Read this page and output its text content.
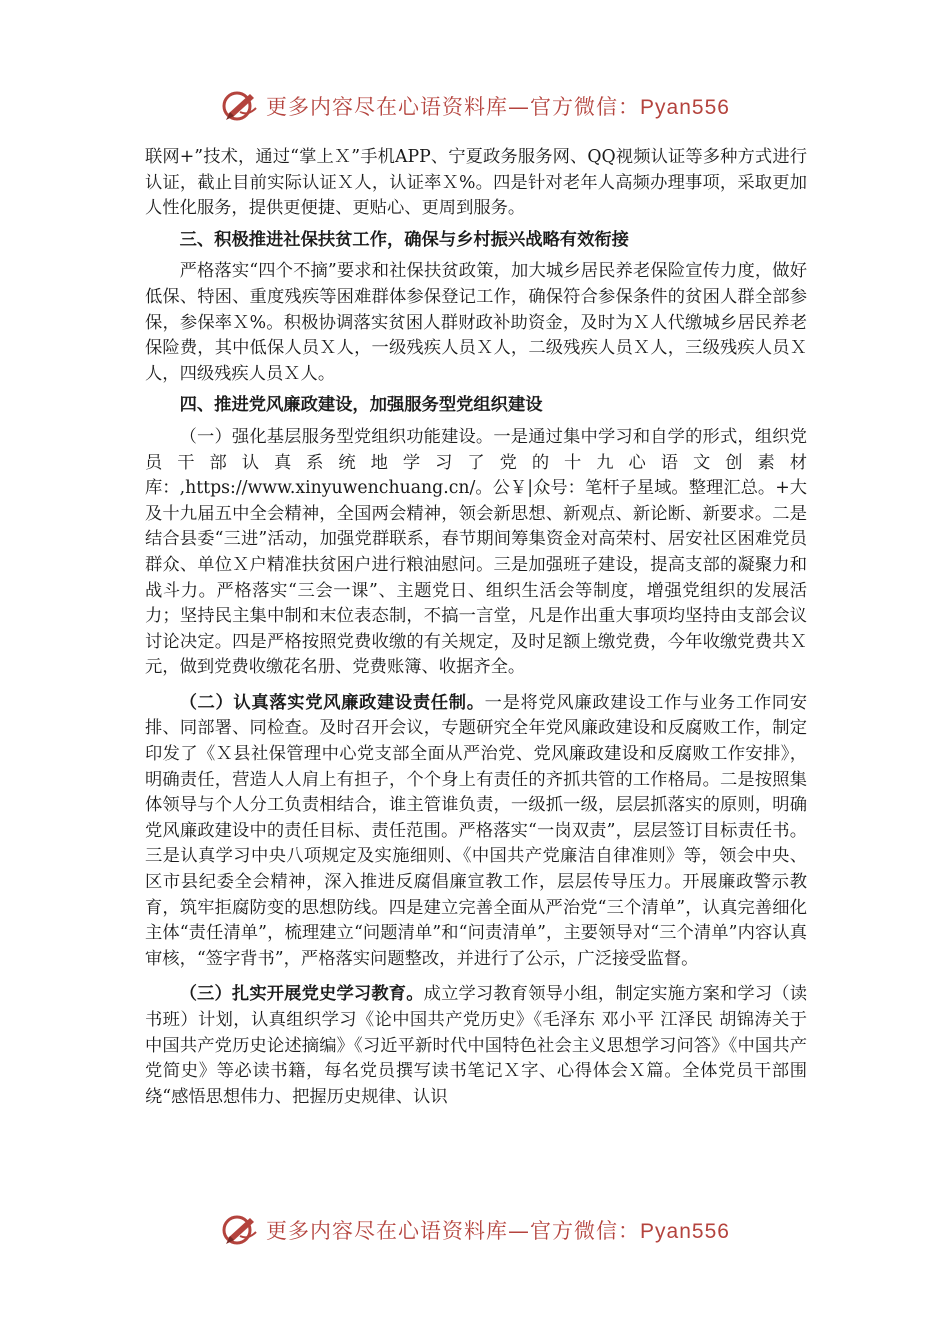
更多内容尽在心语资料库—官方微信：Pyan556

联网+”技术，通过“掌上Ｘ”手机APP、宁夏政务服务网、QQ视频认证等多种方式进行认证，截止目前实际认证Ｘ人，认证率Ｘ%。四是针对老年人高频办理事项，采取更加人性化服务，提供更便捷、更贴心、更周到服务。

三、积极推进社保扶贫工作，确保与乡村振兴战略有效衔接

严格落实“四个不摘”要求和社保扶贫政策，加大城乡居民养老保险宣传力度，做好低保、特困、重度残疾等困难群体参保登记工作，确保符合参保条件的贫困人群全部参保，参保率Ｘ%。积极协调落实贫困人群财政补助资金，及时为Ｘ人代缴城乡居民养老保险费，其中低保人员Ｘ人，一级残疾人员Ｘ人，二级残疾人员Ｘ人，三级残疾人员Ｘ人，四级残疾人员Ｘ人。

四、推进党风廉政建设，加强服务型党组织建设

（一）强化基层服务型党组织功能建设。一是通过集中学习和自学的形式，组织党员干部认真系统地学习了党的十九心语文创素材库：,https://www.xinyuwenchuang.cn/。公￥|众号：笔杆子星域。整理汇总。+大及十九届五中全会精神，全国两会精神，领会新思想、新观点、新论断、新要求。二是结合县委“三进”活动，加强党群联系，春节期间筹集资金对高荣村、居安社区困难党员群众、单位Ｘ户精准扶贫困户进行粮油慰问。三是加强班子建设，提高支部的凝聚力和战斗力。严格落实“三会一课”、主题党日、组织生活会等制度，增强党组织的发展活力；坚持民主集中制和末位表态制，不搞一言堂，凡是作出重大事项均坚持由支部会议讨论决定。四是严格按照党费收缴的有关规定，及时足额上缴党费，今年收缴党费共Ｘ元，做到党费收缴花名册、党费账簿、收据齐全。

（二）认真落实党风廉政建设责任制。一是将党风廉政建设工作与业务工作同安排、同部署、同检查。及时召开会议，专题研究全年党风廉政建设和反腐败工作，制定印发了《Ｘ县社保管理中心党支部全面从严治党、党风廉政建设和反腐败工作安排》，明确责任，营造人人肩上有担子，个个身上有责任的齐抓共管的工作格局。二是按照集体领导与个人分工负责相结合，谁主管谁负责，一级抓一级，层层抓落实的原则，明确党风廉政建设中的责任目标、责任范围。严格落实“一岗双责”，层层签订目标责任书。三是认真学习中央八项规定及实施细则、《中国共产党廉洁自律准则》等，领会中央、区市县纪委全会精神，深入推进反腐倡廉宣教工作，层层传导压力。开展廉政警示教育，筑牢拒腐防变的思想防线。四是建立完善全面从严治党“三个清单”，认真完善细化主体“责任清单”，梳理建立“问题清单”和“问责清单”，主要领导对“三个清单”内容认真审核，“签字背书”，严格落实问题整改，并进行了公示，广泛接受监督。

（三）扎实开展党史学习教育。成立学习教育领导小组，制定实施方案和学习（读书班）计划，认真组织学习《论中国共产党历史》《毛泽东 邓小平 江泽民 胡锦涛关于中国共产党历史论述摘编》《习近平新时代中国特色社会主义思想学习问答》《中国共产党简史》等必读书籍，每名党员撰写读书笔记Ｘ字、心得体会Ｘ篇。全体党员干部围绕“感悟思想伟力、把握历史规律、认识

更多内容尽在心语资料库—官方微信：Pyan556
